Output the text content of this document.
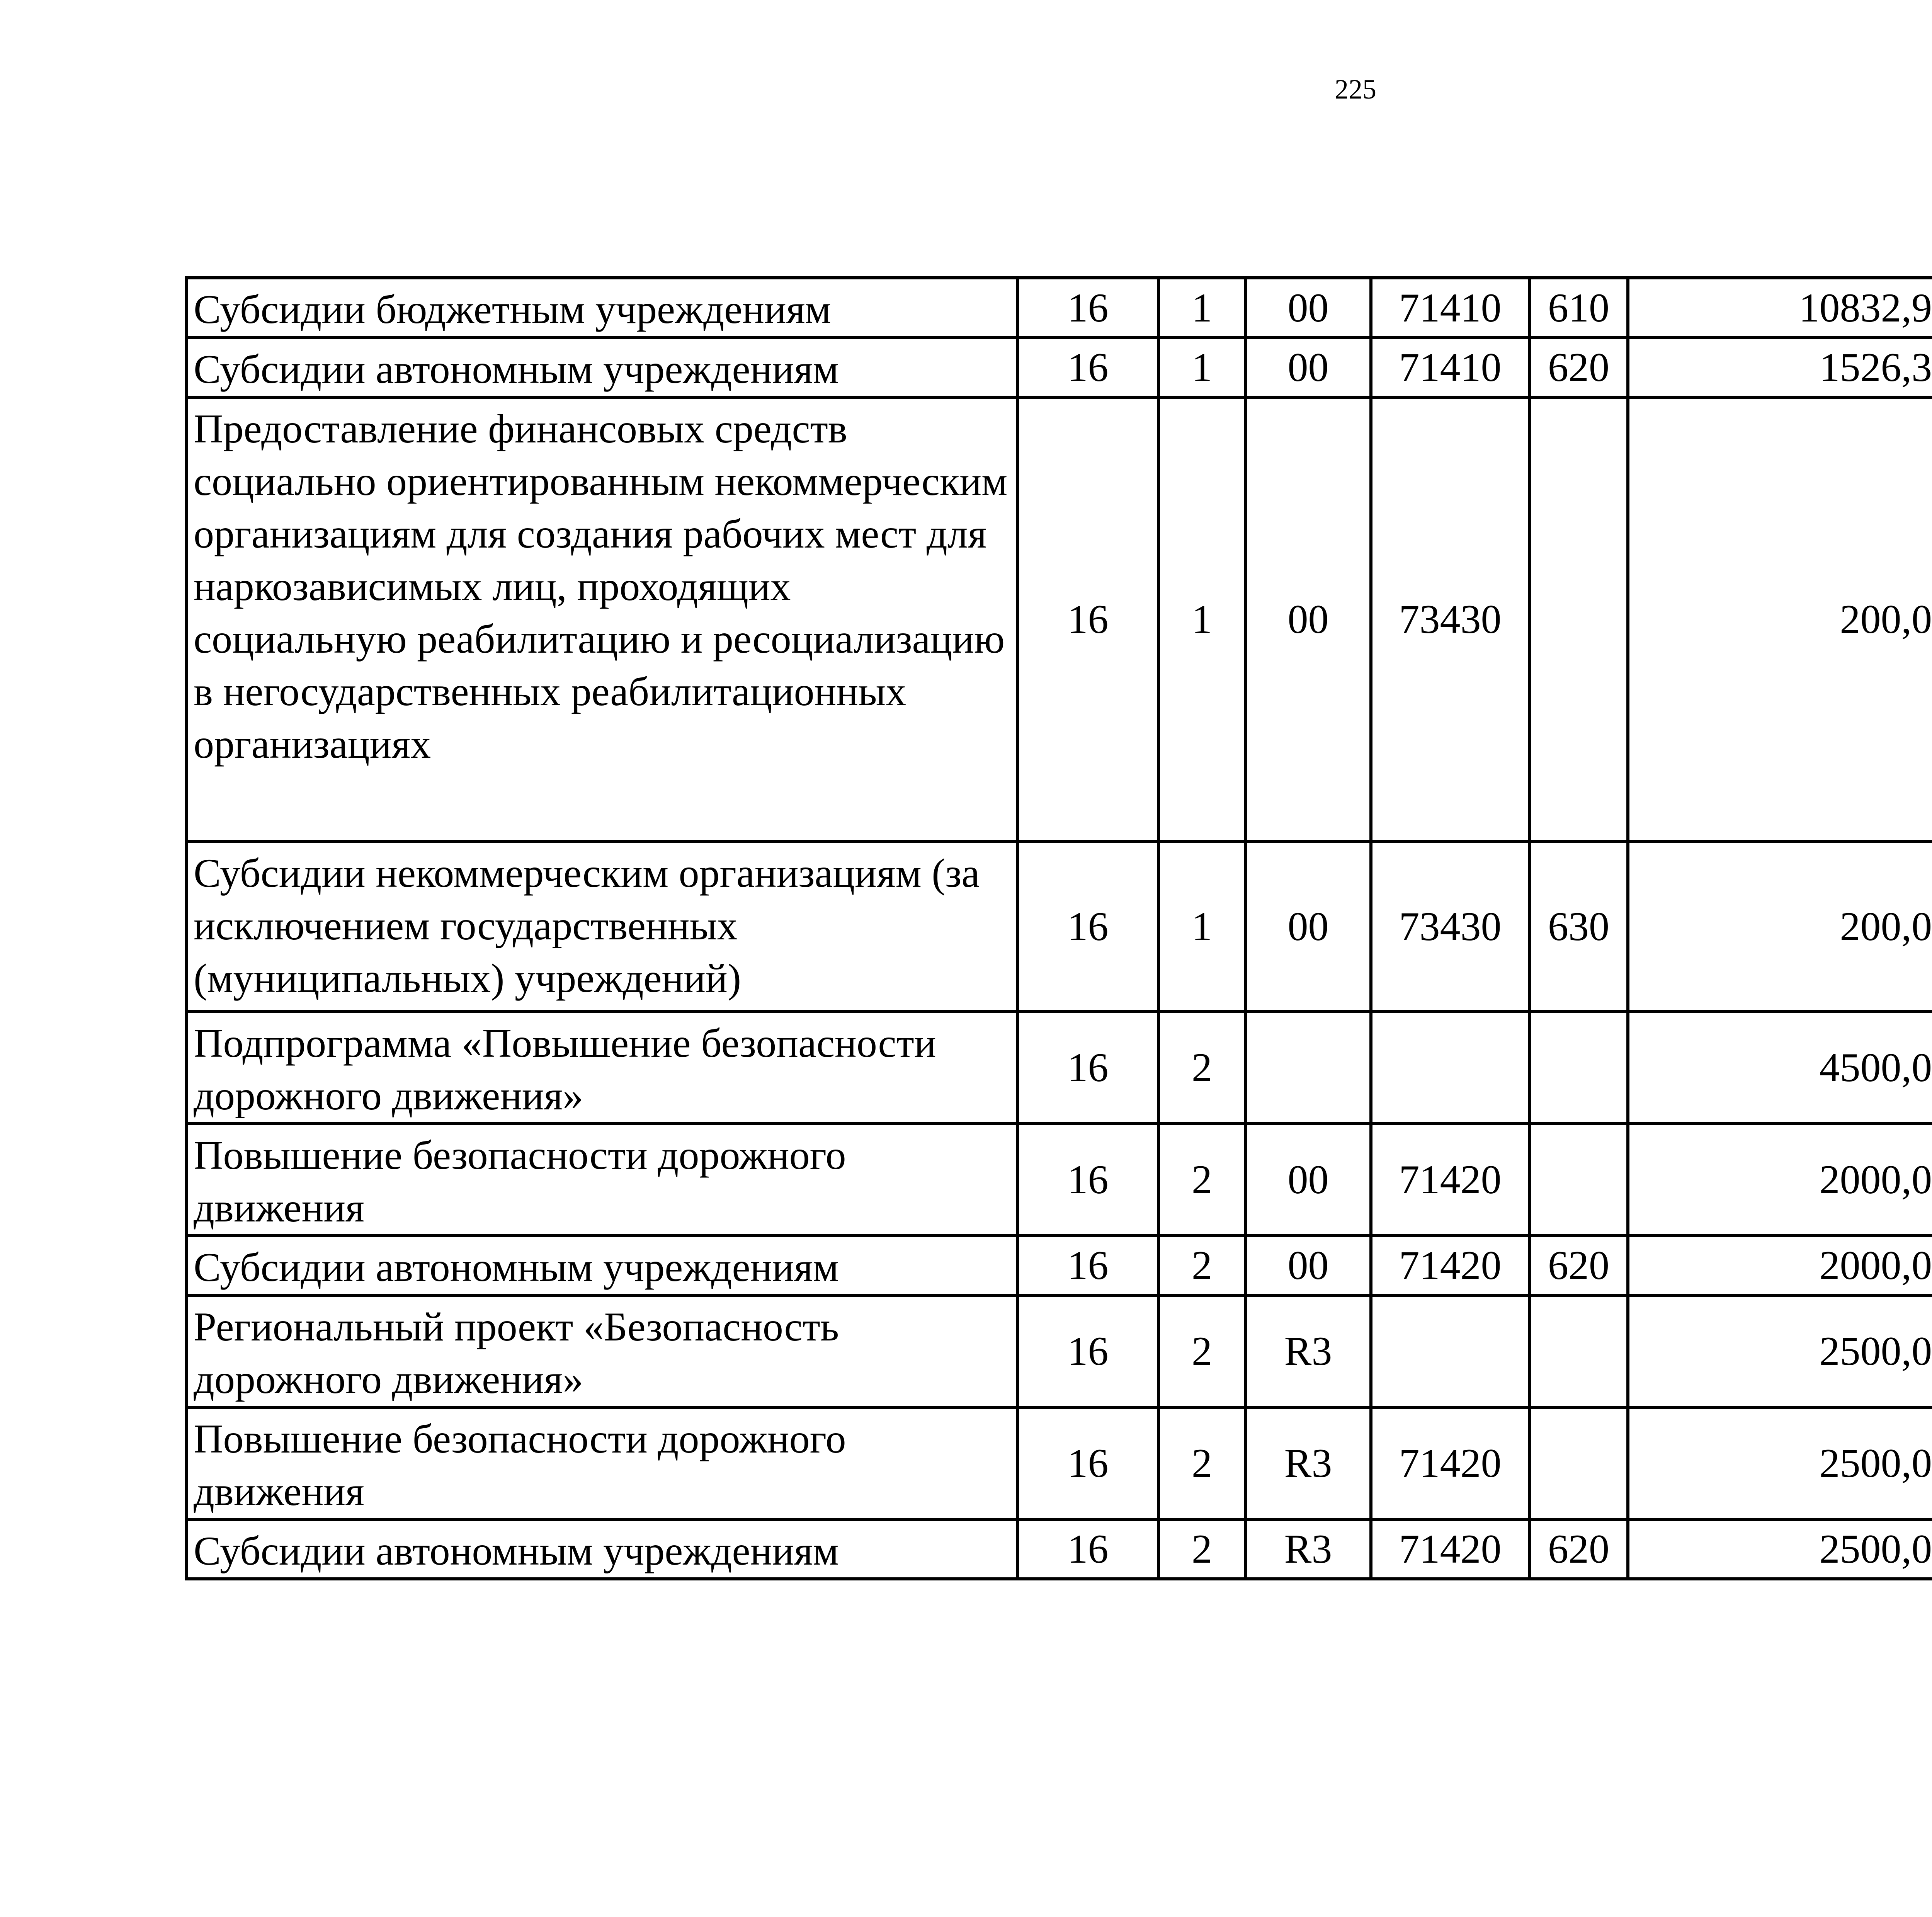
225
Субсидии бюджетным учреждениям	16	1	00	71410	610	10832,9		
Субсидии автономным учреждениям	16	1	00	71410	620	1526,3		
Предоставление финансовых средств социально ориентированным некоммерческим организациям для создания рабочих мест для наркозависимых лиц, проходящих социальную реабилитацию и ресоциализацию в негосударственных реабилитационных организациях	16	1	00	73430		200,0		
Субсидии некоммерческим организациям (за исключением государственных (муниципальных) учреждений)	16	1	00	73430	630	200,0		
Подпрограмма «Повышение безопасности дорожного движения»	16	2				4500,0		
Повышение безопасности дорожного движения	16	2	00	71420		2000,0		
Субсидии автономным учреждениям	16	2	00	71420	620	2000,0		
Региональный проект «Безопасность дорожного движения»	16	2	R3			2500,0		
Повышение безопасности дорожного движения	16	2	R3	71420		2500,0		
Субсидии автономным учреждениям	16	2	R3	71420	620	2500,0		
